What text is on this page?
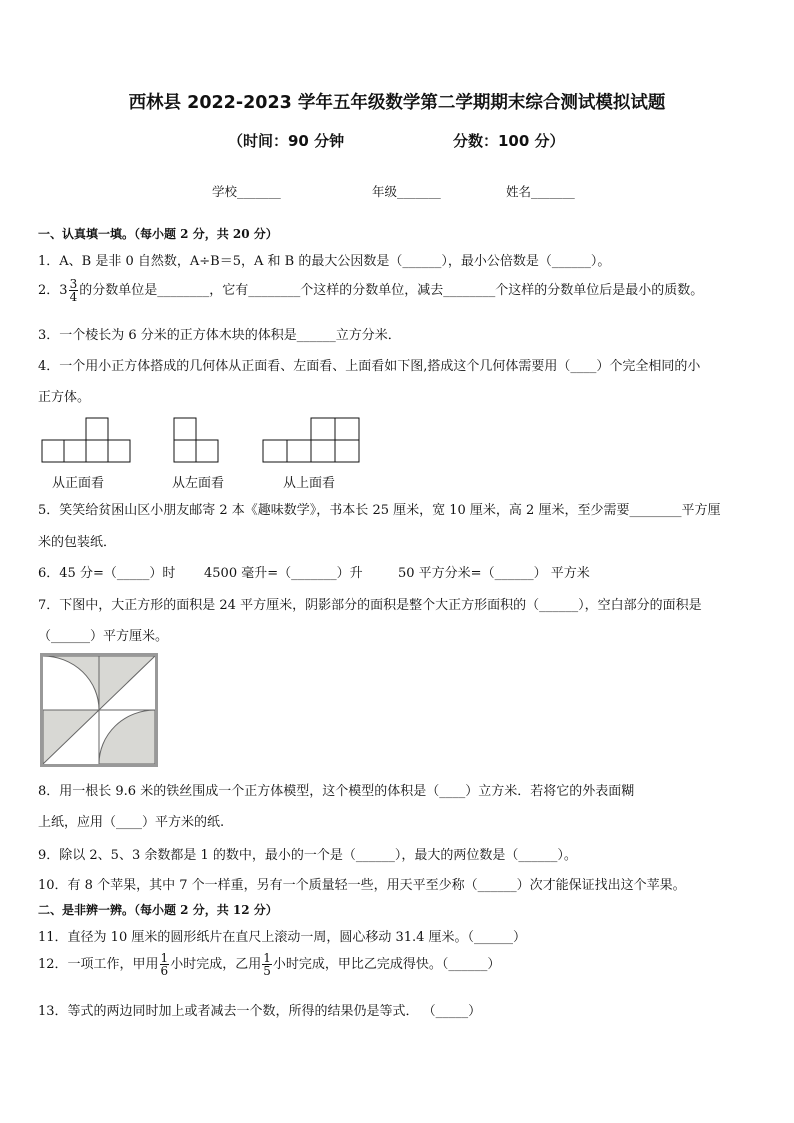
西林县 2022-2023 学年五年级数学第二学期期末综合测试模拟试题
（时间：90 分钟	分数：100 分）
学校_______	年级_______	姓名_______
一、认真填一填。（每小题 2 分，共 20 分）
1．A、B 是非 0 自然数，A÷B＝5，A 和 B 的最大公因数是（______），最小公倍数是（______）。
2．$3 \frac{3}{4}$ 的分数单位是________，它有________个这样的分数单位，减去________个这样的分数单位后是最小的质数。
3．一个棱长为 6 分米的正方体木块的体积是______立方分米．
4．一个用小正方体搭成的几何体从正面看、左面看、上面看如下图,搭成这个几何体需要用（____）个完全相同的小
正方体。
从正面看	从左面看	从上面看
5．笑笑给贫困山区小朋友邮寄 2 本《趣味数学》，书本长 25 厘米，宽 10 厘米，高 2 厘米，至少需要________平方厘
米的包装纸．
6．45 分=（_____）时 4500 毫升=（_______）升	50 平方分米=（______） 平方米
7．下图中，大正方形的面积是 24 平方厘米，阴影部分的面积是整个大正方形面积的（______），空白部分的面积是
（______）平方厘米。
8．用一根长 9.6 米的铁丝围成一个正方体模型，这个模型的体积是（____）立方米．若将它的外表面糊
上纸，应用（____）平方米的纸.
9．除以 2、5、3 余数都是 1 的数中，最小的一个是（______），最大的两位数是（______）。
10．有 8 个苹果，其中 7 个一样重，另有一个质量轻一些，用天平至少称（______）次才能保证找出这个苹果。
二、是非辨一辨。（每小题 2 分，共 12 分）
11．直径为 10 厘米的圆形纸片在直尺上滚动一周，圆心移动 31.4 厘米。（______）
12．一项工作，甲用 $\frac{1}{6}$ 小时完成，乙用 $\frac{1}{5}$ 小时完成，甲比乙完成得快。（______）
13．等式的两边同时加上或者减去一个数，所得的结果仍是等式． （_____）
